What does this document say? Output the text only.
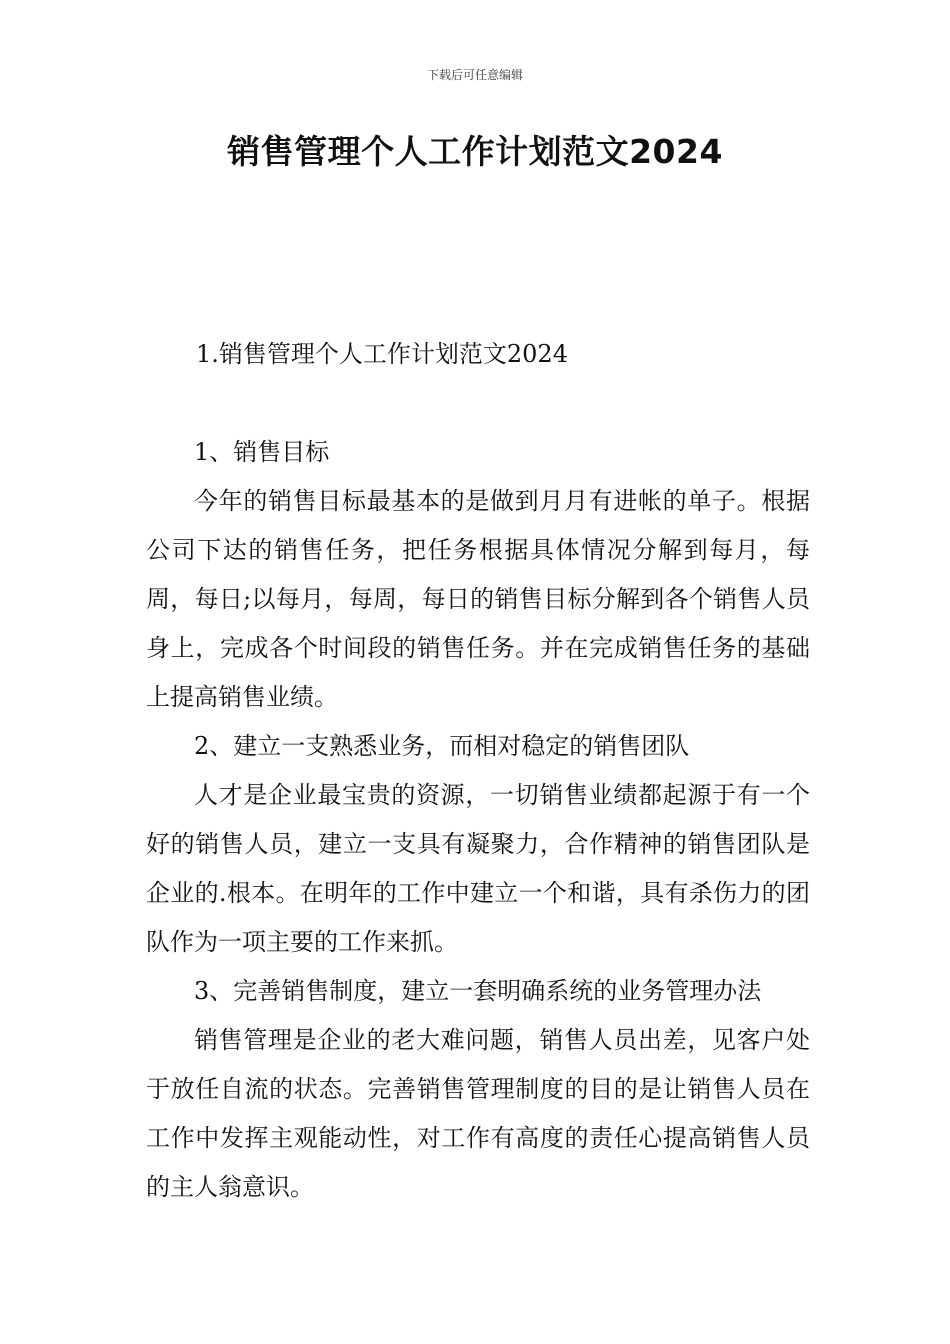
下载后可任意编辑
销售管理个人工作计划范文2024

1.销售管理个人工作计划范文2024

1、销售目标

今年的销售目标最基本的是做到月月有进帐的单子。根据公司下达的销售任务，把任务根据具体情况分解到每月，每周，每日;以每月，每周，每日的销售目标分解到各个销售人员身上，完成各个时间段的销售任务。并在完成销售任务的基础上提高销售业绩。

2、建立一支熟悉业务，而相对稳定的销售团队

人才是企业最宝贵的资源，一切销售业绩都起源于有一个好的销售人员，建立一支具有凝聚力，合作精神的销售团队是企业的.根本。在明年的工作中建立一个和谐，具有杀伤力的团队作为一项主要的工作来抓。

3、完善销售制度，建立一套明确系统的业务管理办法

销售管理是企业的老大难问题，销售人员出差，见客户处于放任自流的状态。完善销售管理制度的目的是让销售人员在工作中发挥主观能动性，对工作有高度的责任心提高销售人员的主人翁意识。
